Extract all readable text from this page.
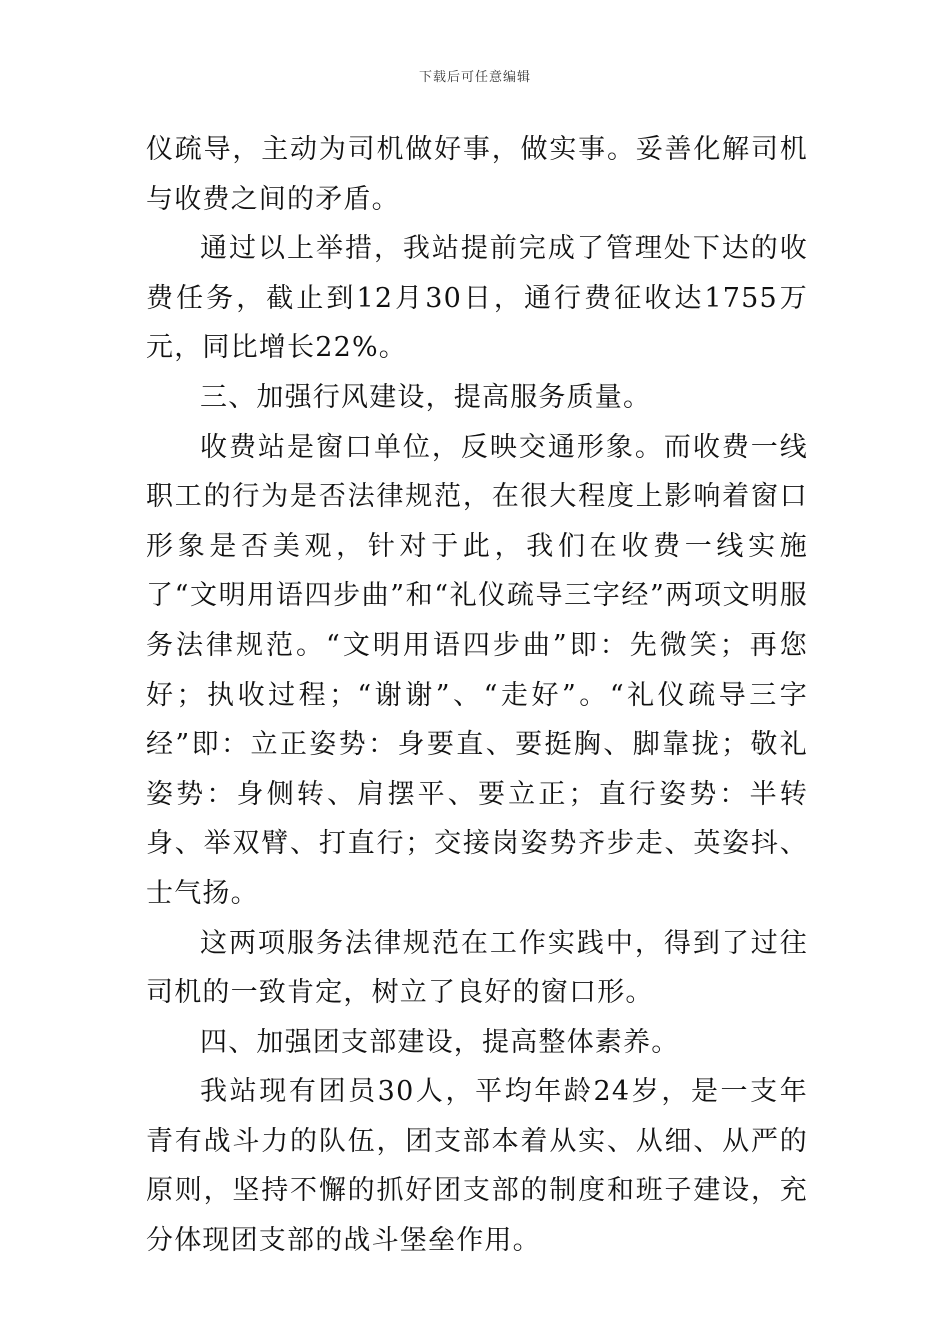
下载后可任意编辑

仪疏导，主动为司机做好事，做实事。妥善化解司机与收费之间的矛盾。

通过以上举措，我站提前完成了管理处下达的收费任务，截止到12月30日，通行费征收达1755万元，同比增长22%。

三、加强行风建设，提高服务质量。

收费站是窗口单位，反映交通形象。而收费一线职工的行为是否法律规范，在很大程度上影响着窗口形象是否美观，针对于此，我们在收费一线实施了“文明用语四步曲”和“礼仪疏导三字经”两项文明服务法律规范。“文明用语四步曲”即：先微笑；再您好；执收过程；“谢谢”、“走好”。“礼仪疏导三字经”即：立正姿势：身要直、要挺胸、脚靠拢；敬礼姿势：身侧转、肩摆平、要立正；直行姿势：半转身、举双臂、打直行；交接岗姿势齐步走、英姿抖、士气扬。

这两项服务法律规范在工作实践中，得到了过往司机的一致肯定，树立了良好的窗口形。

四、加强团支部建设，提高整体素养。

我站现有团员30人，平均年龄24岁，是一支年青有战斗力的队伍，团支部本着从实、从细、从严的原则，坚持不懈的抓好团支部的制度和班子建设，充分体现团支部的战斗堡垒作用。
